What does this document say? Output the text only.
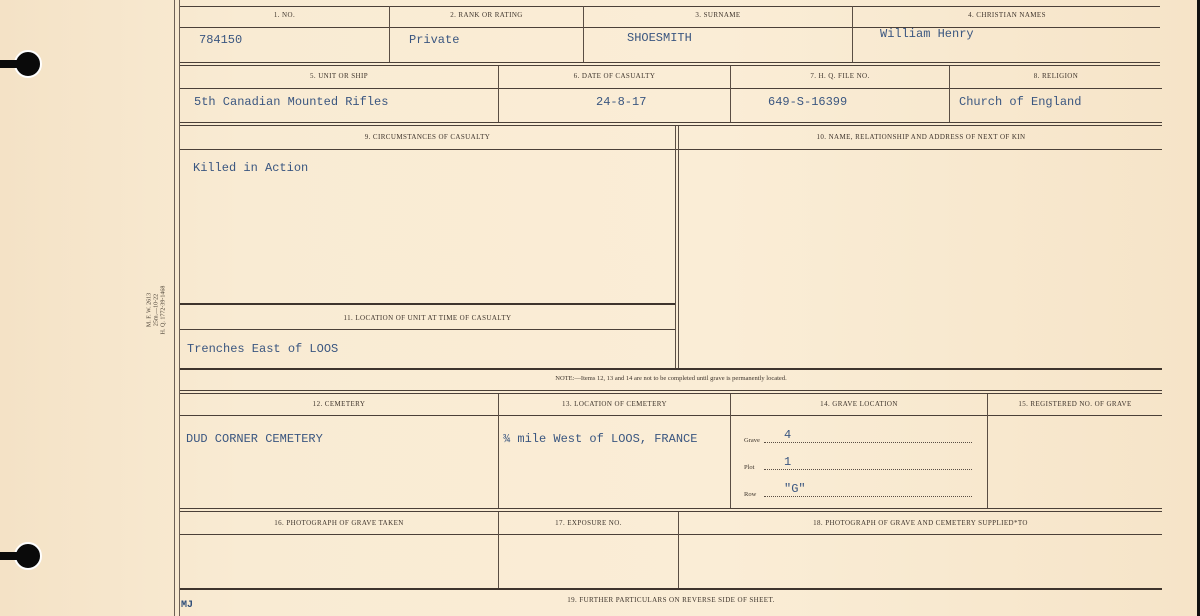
M. F. W. 2613 25m.—10-22 H. Q. 1772-39-1468
1. NO.
784150
2. RANK OR RATING
Private
3. SURNAME
SHOESMITH
4. CHRISTIAN NAMES
William Henry
5. UNIT OR SHIP
5th Canadian Mounted Rifles
6. DATE OF CASUALTY
24-8-17
7. H. Q. FILE NO.
649-S-16399
8. RELIGION
Church of England
9. CIRCUMSTANCES OF CASUALTY
Killed in Action
10. NAME, RELATIONSHIP AND ADDRESS OF NEXT OF KIN
11. LOCATION OF UNIT AT TIME OF CASUALTY
Trenches East of LOOS
NOTE:—Items 12, 13 and 14 are not to be completed until grave is permanently located.
12. CEMETERY
DUD CORNER CEMETERY
13. LOCATION OF CEMETERY
¾ mile West of LOOS, FRANCE
14. GRAVE LOCATION	15. REGISTERED NO. OF GRAVE
Grave 4
Plot 1
Row "G"
16. PHOTOGRAPH OF GRAVE TAKEN	17. EXPOSURE NO.	18. PHOTOGRAPH OF GRAVE AND CEMETERY SUPPLIED*TO
19. FURTHER PARTICULARS ON REVERSE SIDE OF SHEET.
MJ
